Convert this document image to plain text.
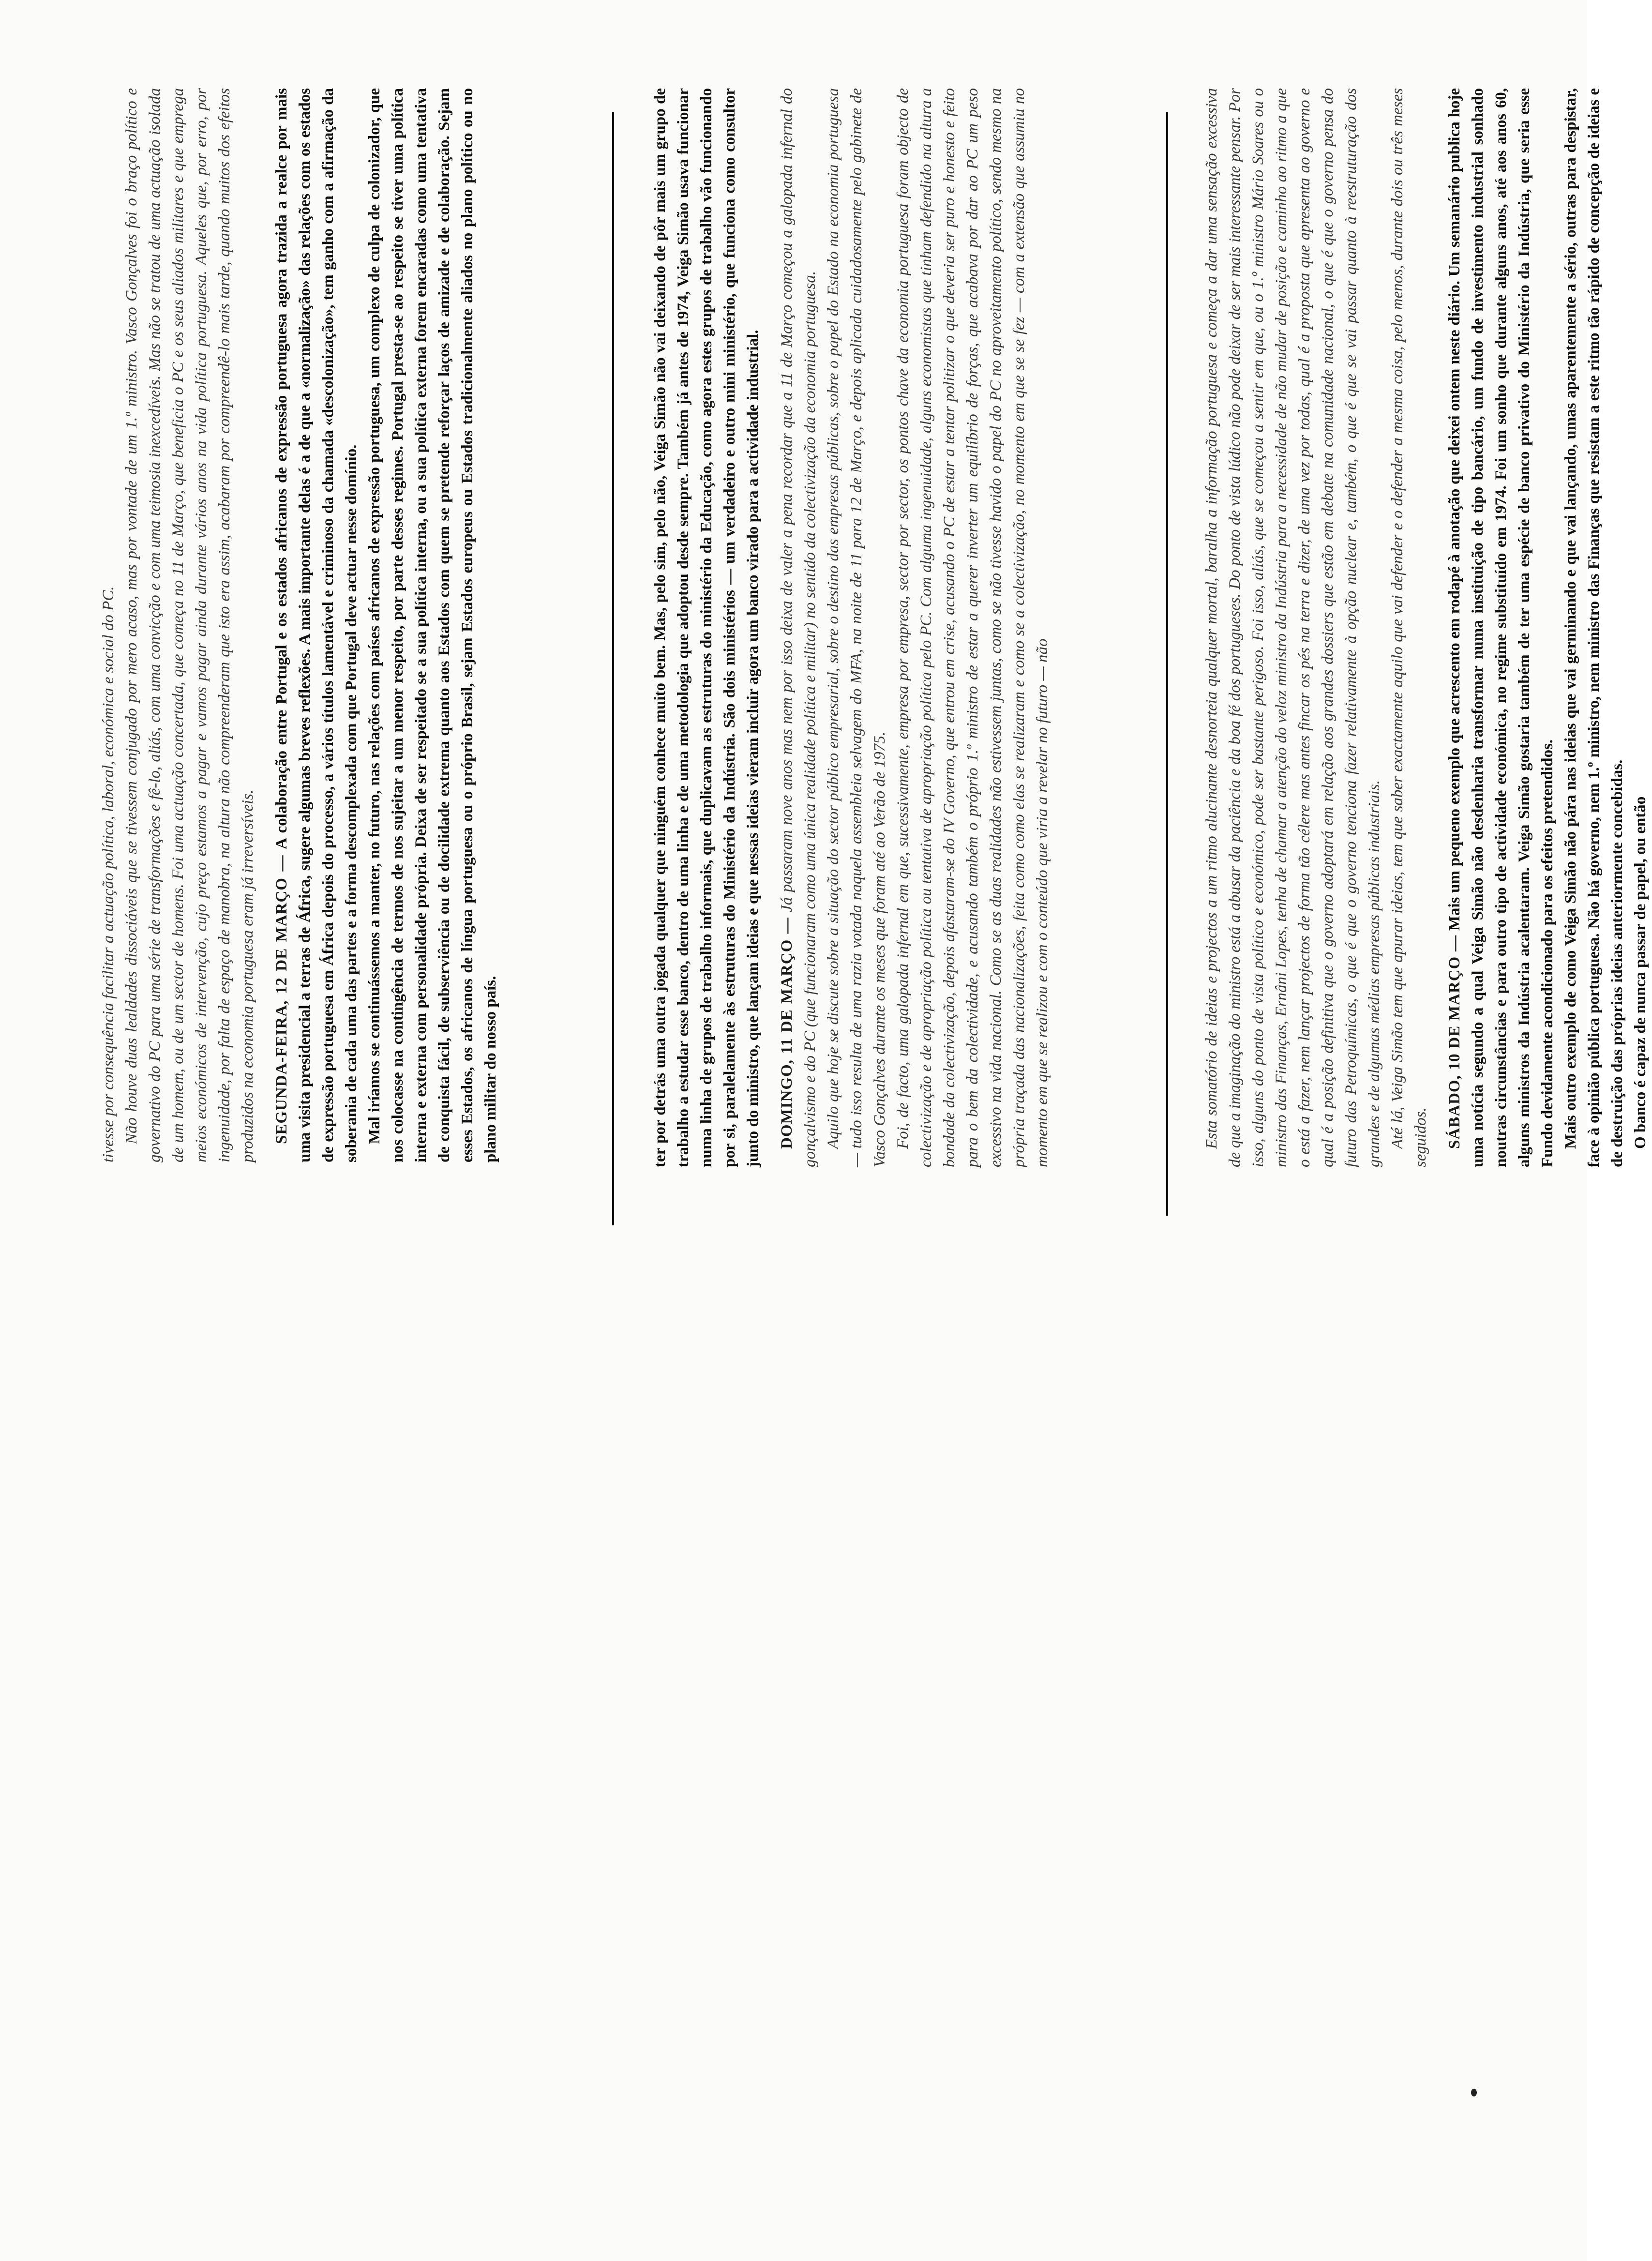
Esta somatório de ideias e projectos a um ritmo alucinante desnorteia qualquer mortal, baralha a informação portuguesa e começa a dar uma sensação excessiva de que a imaginação do ministro está a abusar da paciência e da boa fé dos portugueses. Do ponto de vista lúdico não pode deixar de ser mais interessante pensar. Por isso, alguns do ponto de vista político e económico, pode ser bastante perigoso. Foi isso, aliás, que se começou a sentir em que, ou o 1.º ministro Mário Soares ou o ministro das Finanças, Ernâni Lopes, tenha de chamar a atenção do veloz ministro da Indústria para a necessidade de não mudar de posição e caminho ao ritmo a que o está a fazer, nem lançar projectos de forma tão célere mas antes fincar os pés na terra e dizer, de uma vez por todas, qual é a proposta que apresenta ao governo e qual é a posição definitiva que o governo adoptará em relação aos grandes dossiers que estão em debate na comunidade nacional, o que é que o governo pensa do futuro das Petroquímicas, o que é que o governo tenciona fazer relativamente à opção nuclear e, também, o que é que se vai passar quanto à reestruturação dos grandes e de algumas médias empresas públicas industriais. Até lá, Veiga Simão tem que apurar ideias, tem que saber exactamente aquilo que vai defender e o defender a mesma coisa, pelo menos, durante dois ou três meses seguidos. SÁBADO, 10 DE MARÇO — Mais um pequeno exemplo que acrescento em rodapé à anotação que deixei ontem neste diário. Um semanário publica hoje uma notícia segundo a qual Veiga Simão não desdenharia transformar numa instituição de tipo bancário, um fundo de investimento industrial sonhado noutras circunstâncias e para outro tipo de actividade económica, no regime substituído em 1974. Foi um sonho que durante alguns anos, até aos anos 60, alguns ministros da Indústria acalentaram. Veiga Simão gostaria também de ter uma espécie de banco privativo do Ministério da Indústria, que seria esse Fundo devidamente acondicionado para os efeitos pretendidos. Mais outro exemplo de como Veiga Simão não pára nas ideias que vai germinando e que vai lançando, umas aparentemente a sério, outras para despistar, face à opinião pública portuguesa. Não há governo, nem 1.º ministro, nem ministro das Finanças que resistam a este ritmo tão rápido de concepção de ideias e de destruição das próprias ideias anteriormente concebidas. O banco é capaz de nunca passar de papel, ou então

ter por detrás uma outra jogada qualquer que ninguém conhece muito bem. Mas, pelo sim, pelo não, Veiga Simão não vai deixando de pôr mais um grupo de trabalho a estudar esse banco, dentro de uma linha e de uma metodologia que adoptou desde sempre. Também já antes de 1974, Veiga Simão usava funcionar numa linha de grupos de trabalho informais, que duplicavam as estruturas do ministério da Educação, como agora estes grupos de trabalho vão funcionando por si, paralelamente às estruturas do Ministério da Indústria. São dois ministérios — um verdadeiro e outro mini ministério, que funciona como consultor junto do ministro, que lançam ideias e que nessas ideias vieram incluir agora um banco virado para a actividade industrial. DOMINGO, 11 DE MARÇO — Já passaram nove anos mas nem por isso deixa de valer a pena recordar que a 11 de Março começou a galopada infernal do gonçalvismo e do PC (que funcionaram como uma única realidade política e militar) no sentido da colectivização da economia portuguesa. Aquilo que hoje se discute sobre a situação do sector público empresarial, sobre o destino das empresas públicas, sobre o papel do Estado na economia portuguesa — tudo isso resulta de uma razia votada naquela assembleia selvagem do MFA, na noite de 11 para 12 de Março, e depois aplicada cuidadosamente pelo gabinete de Vasco Gonçalves durante os meses que foram até ao Verão de 1975. Foi, de facto, uma galopada infernal em que, sucessivamente, empresa por empresa, sector por sector, os pontos chave da economia portuguesa foram objecto de colectivização e de apropriação política ou tentativa de apropriação política pelo PC. Com alguma ingenuidade, alguns economistas que tinham defendido na altura a bondade da colectivização, depois afastaram-se do IV Governo, que entrou em crise, acusando o PC de estar a tentar politizar o que deveria ser puro e honesto e feito para o bem da colectividade, e acusando também o próprio 1.º ministro de estar a querer inverter um equilíbrio de forças, que acabava por dar ao PC um peso excessivo na vida nacional. Como se as duas realidades não estivessem juntas, como se não tivesse havido o papel do PC no aproveitamento político, sendo mesmo na própria traçada das nacionalizações, feita como como elas se realizaram e como se a colectivização, no momento em que se se fez — com a extensão que assumiu no momento em que se realizou e com o conteúdo que viria a revelar no futuro — não

tivesse por consequência facilitar a actuação política, laboral, económica e social do PC. Não houve duas lealdades dissociáveis que se tivessem conjugado por mero acaso, mas por vontade de um 1.º ministro. Vasco Gonçalves foi o braço político e governativo do PC para uma série de transformações e fê-lo, aliás, com uma convicção e com uma teimosia inexcedíveis. Mas não se tratou de uma actuação isolada de um homem, ou de um sector de homens. Foi uma actuação concertada, que começa no 11 de Março, que beneficia o PC e os seus aliados militares e que emprega meios económicos de intervenção, cujo preço estamos a pagar e vamos pagar ainda durante vários anos na vida política portuguesa. Aqueles que, por erro, por ingenuidade, por falta de espaço de manobra, na altura não compreenderam que isto era assim, acabaram por compreendê-lo mais tarde, quando muitos dos efeitos produzidos na economia portuguesa eram já irreversíveis. SEGUNDA-FEIRA, 12 DE MARÇO — A colaboração entre Portugal e os estados africanos de expressão portuguesa agora trazida a realce por mais uma visita presidencial a terras de África, sugere algumas breves reflexões. A mais importante delas é a de que a «normalização» das relações com os estados de expressão portuguesa em África depois do processo, a vários títulos lamentável e criminoso da chamada «descolonização», tem ganho com a afirmação da soberania de cada uma das partes e a forma descomplexada com que Portugal deve actuar nesse domínio. Mal iríamos se continuássemos a manter, no futuro, nas relações com países africanos de expressão portuguesa, um complexo de culpa de colonizador, que nos colocasse na contingência de termos de nos sujeitar a um menor respeito, por parte desses regimes. Portugal presta-se ao respeito se tiver uma política interna e externa com personalidade própria. Deixa de ser respeitado se a sua política interna, ou a sua política externa forem encaradas como uma tentativa de conquista fácil, de subserviência ou de docilidade extrema quanto aos Estados com quem se pretende reforçar laços de amizade e de colaboração. Sejam esses Estados, os africanos de língua portuguesa ou o próprio Brasil, sejam Estados europeus ou Estados tradicionalmente aliados no plano político ou no plano militar do nosso país.
